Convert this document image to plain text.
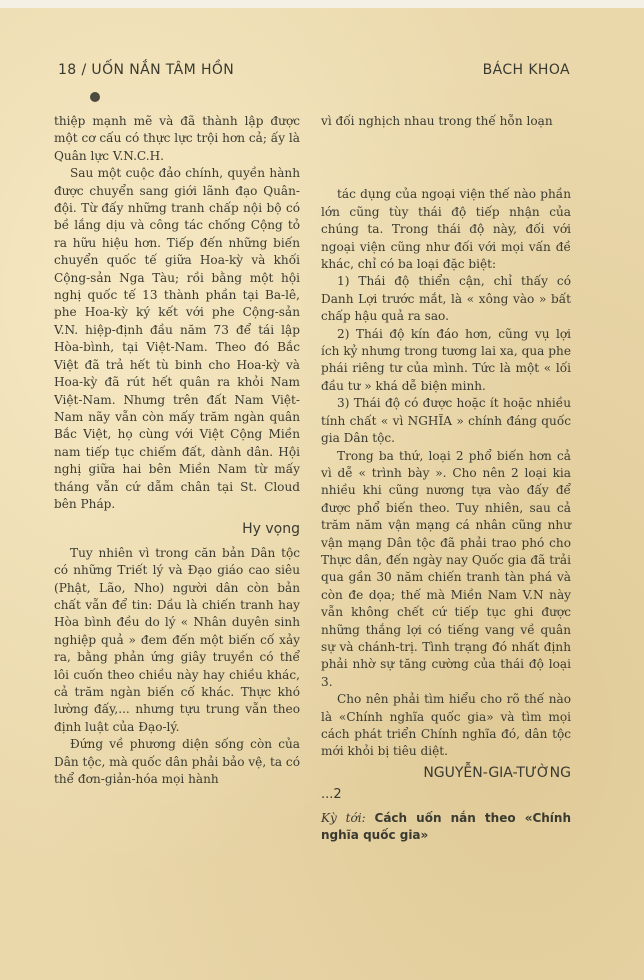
18 / UỐN NẮN TÂM HỒN	BÁCH KHOA

thiệp mạnh mẽ và đã thành lập được một cơ cấu có thực lực trội hơn cả; ấy là Quân lực V.N.C.H.

Sau một cuộc đảo chính, quyền hành được chuyển sang giới lãnh đạo Quân-đội. Từ đấy những tranh chấp nội bộ có bề lắng dịu và công tác chống Cộng tỏ ra hữu hiệu hơn. Tiếp đến những biến chuyển quốc tế giữa Hoa-kỳ và khối Cộng-sản Nga Tàu; rồi bằng một hội nghị quốc tế 13 thành phần tại Ba-lê, phe Hoa-kỳ ký kết với phe Cộng-sản V.N. hiệp-định đầu năm 73 để tái lập Hòa-bình, tại Việt-Nam. Theo đó Bắc Việt đã trả hết tù binh cho Hoa-kỳ và Hoa-kỳ đã rút hết quân ra khỏi Nam Việt-Nam. Nhưng trên đất Nam Việt-Nam nãy vẫn còn mấy trăm ngàn quân Bắc Việt, họ cùng với Việt Cộng Miền nam tiếp tục chiếm đất, dành dân. Hội nghị giữa hai bên Miền Nam từ mấy tháng vẫn cứ dẫm chân tại St. Cloud bên Pháp.

Hy vọng

Tuy nhiên vì trong căn bản Dân tộc có những Triết lý và Đạo giáo cao siêu (Phật, Lão, Nho) người dân còn bản chất vẫn để tin: Dầu là chiến tranh hay Hòa bình đều do lý « Nhân duyên sinh nghiệp quả » đem đến một biến cố xảy ra, bằng phản ứng giây truyền có thể lôi cuốn theo chiều này hay chiều khác, cả trăm ngàn biến cố khác. Thực khó lường đấy,... nhưng tựu trung vẫn theo định luật của Đạo-lý.

Đứng về phương diện sống còn của Dân tộc, mà quốc dân phải bảo vệ, ta có thể đơn-giản-hóa mọi hành

vì đối nghịch nhau trong thế hỗn loạn

tác dụng của ngoại viện thế nào phần lớn cũng tùy thái độ tiếp nhận của chúng ta. Trong thái độ này, đối với ngoại viện cũng như đối với mọi vấn đề khác, chỉ có ba loại đặc biệt:

1) Thái độ thiển cận, chỉ thấy có Danh Lợi trước mắt, là « xông vào » bất chấp hậu quả ra sao.

2) Thái độ kín đáo hơn, cũng vụ lợi ích kỷ nhưng trong tương lai xa, qua phe phái riêng tư của mình. Tức là một « lối đầu tư » khá dễ biện minh.

3) Thái độ có được hoặc ít hoặc nhiều tính chất « vì NGHĨA » chính đáng quốc gia Dân tộc.

Trong ba thứ, loại 2 phổ biến hơn cả vì dễ « trình bày ». Cho nên 2 loại kia nhiều khi cũng nương tựa vào đấy để được phổ biến theo. Tuy nhiên, sau cả trăm năm vận mạng cá nhân cũng như vận mạng Dân tộc đã phải trao phó cho Thực dân, đến ngày nay Quốc gia đã trải qua gần 30 năm chiến tranh tàn phá và còn đe dọa; thế mà Miền Nam V.N này vẫn không chết cứ tiếp tục ghi được những thắng lợi có tiếng vang về quân sự và chánh-trị. Tình trạng đó nhất định phải nhờ sự tăng cường của thái độ loại 3.

Cho nên phải tìm hiểu cho rõ thế nào là «Chính nghĩa quốc gia» và tìm mọi cách phát triển Chính nghĩa đó, dân tộc mới khỏi bị tiêu diệt.

NGUYỄN-GIA-TƯỜNG
...2
Kỳ tới: Cách uốn nắn theo «Chính nghĩa quốc gia»
